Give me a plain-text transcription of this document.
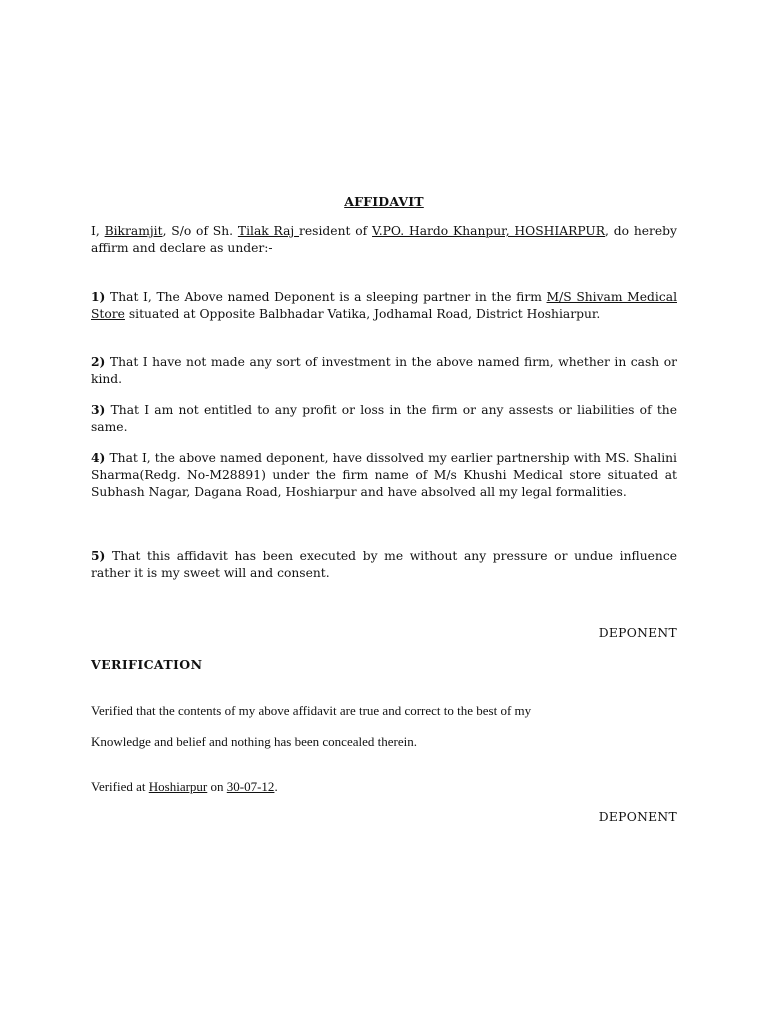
AFFIDAVIT
I, Bikramjit, S/o of Sh. Tilak Raj resident of V.PO. Hardo Khanpur, HOSHIARPUR, do hereby affirm and declare as under:-
1) That I, The Above named Deponent is a sleeping partner in the firm M/S Shivam Medical Store situated at Opposite Balbhadar Vatika, Jodhamal Road, District Hoshiarpur.
2) That I have not made any sort of investment in the above named firm, whether in cash or kind.
3) That I am not entitled to any profit or loss in the firm or any assests or liabilities of the same.
4) That I, the above named deponent, have dissolved my earlier partnership with MS. Shalini Sharma(Redg. No-M28891) under the firm name of M/s Khushi Medical store situated at Subhash Nagar, Dagana Road, Hoshiarpur and have absolved all my legal formalities.
5) That this affidavit has been executed by me without any pressure or undue influence rather it is my sweet will and consent.
DEPONENT
VERIFICATION
Verified that the contents of my above affidavit are true and correct to the best of my
Knowledge and belief and nothing has been concealed therein.
Verified at Hoshiarpur on 30-07-12.
DEPONENT
